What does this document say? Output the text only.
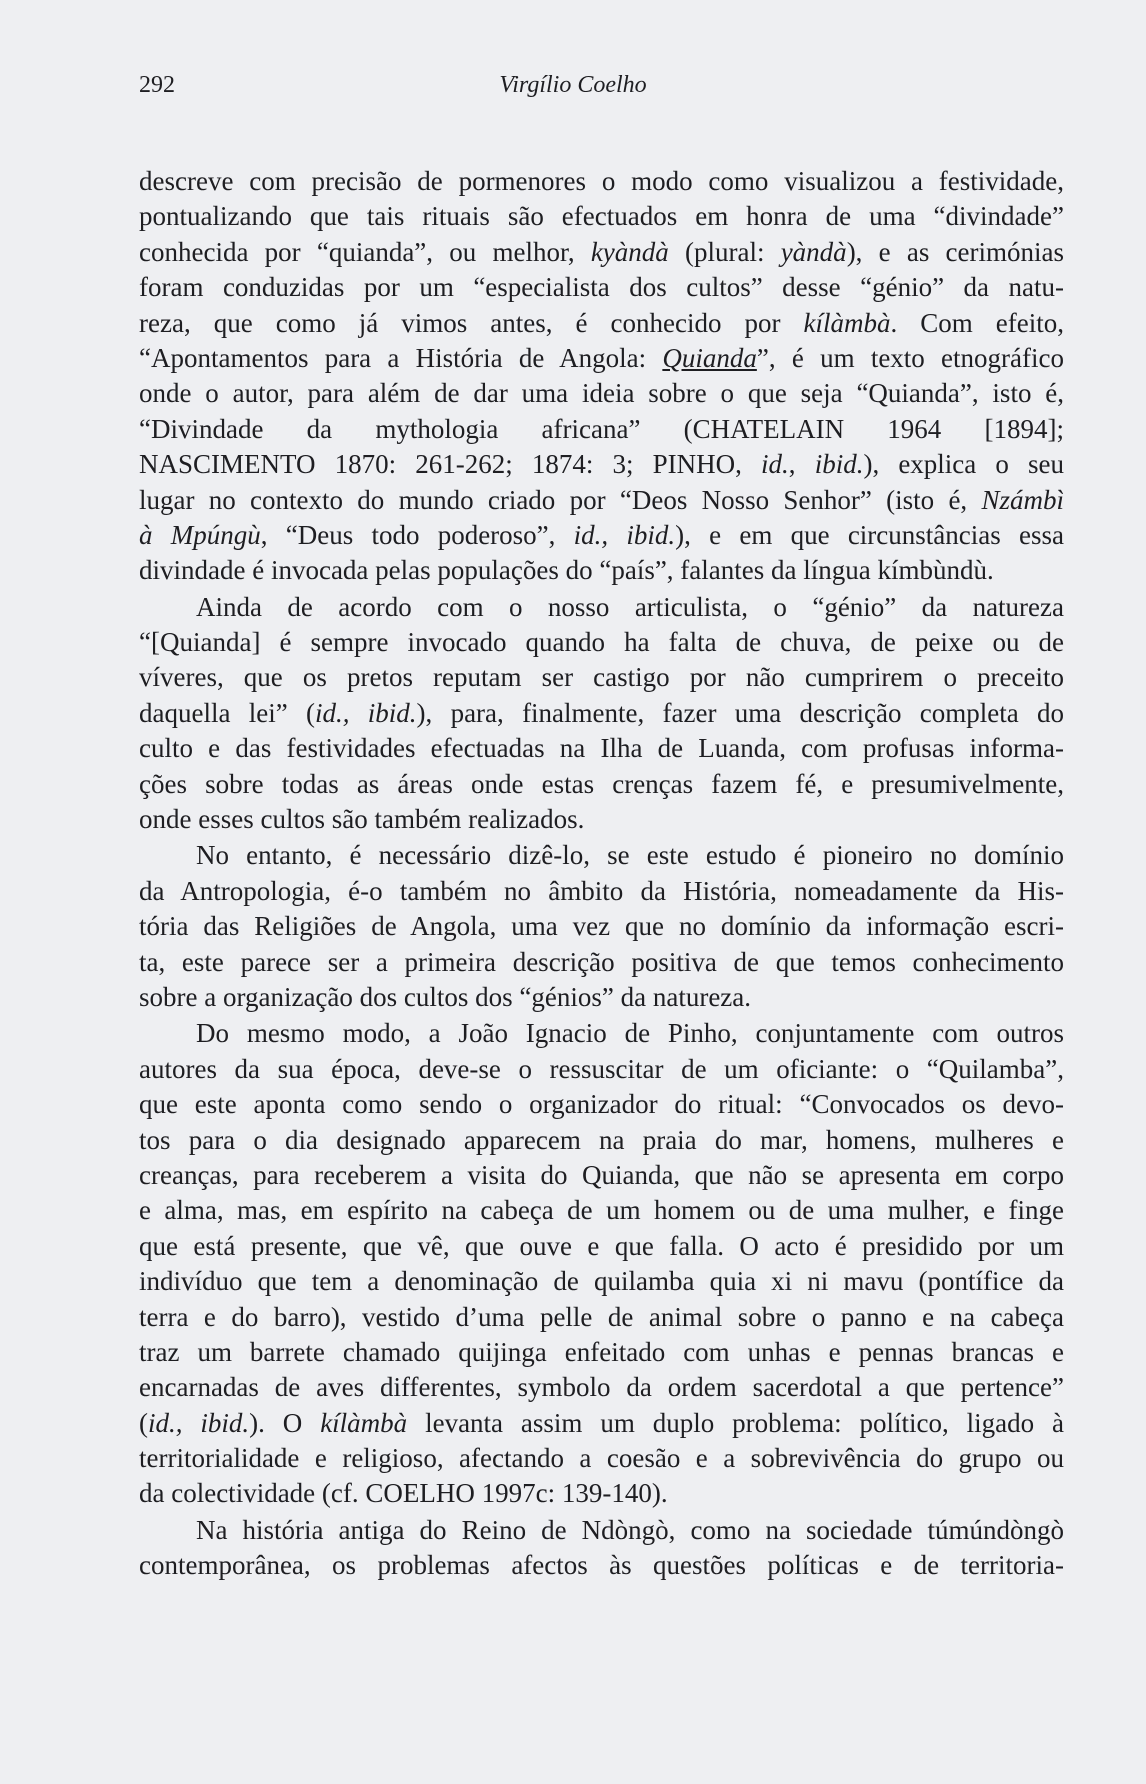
292	Virgílio Coelho
descreve com precisão de pormenores o modo como visualizou a festividade,
pontualizando que tais rituais são efectuados em honra de uma “divindade”
conhecida por “quianda”, ou melhor, kyàndà (plural: yàndà), e as cerimónias
foram conduzidas por um “especialista dos cultos” desse “génio” da natu-
reza, que como já vimos antes, é conhecido por kílàmbà. Com efeito,
“Apontamentos para a História de Angola: Quianda”, é um texto etnográfico
onde o autor, para além de dar uma ideia sobre o que seja “Quianda”, isto é,
“Divindade da mythologia africana” (CHATELAIN 1964 [1894];
NASCIMENTO 1870: 261-262; 1874: 3; PINHO, id., ibid.), explica o seu
lugar no contexto do mundo criado por “Deos Nosso Senhor” (isto é, Nzámbì
à Mpúngù, “Deus todo poderoso”, id., ibid.), e em que circunstâncias essa
divindade é invocada pelas populações do “país”, falantes da língua kímbùndù.
Ainda de acordo com o nosso articulista, o “génio” da natureza
“[Quianda] é sempre invocado quando ha falta de chuva, de peixe ou de
víveres, que os pretos reputam ser castigo por não cumprirem o preceito
daquella lei” (id., ibid.), para, finalmente, fazer uma descrição completa do
culto e das festividades efectuadas na Ilha de Luanda, com profusas informa-
ções sobre todas as áreas onde estas crenças fazem fé, e presumivelmente,
onde esses cultos são também realizados.
No entanto, é necessário dizê-lo, se este estudo é pioneiro no domínio
da Antropologia, é-o também no âmbito da História, nomeadamente da His-
tória das Religiões de Angola, uma vez que no domínio da informação escri-
ta, este parece ser a primeira descrição positiva de que temos conhecimento
sobre a organização dos cultos dos “génios” da natureza.
Do mesmo modo, a João Ignacio de Pinho, conjuntamente com outros
autores da sua época, deve-se o ressuscitar de um oficiante: o “Quilamba”,
que este aponta como sendo o organizador do ritual: “Convocados os devo-
tos para o dia designado apparecem na praia do mar, homens, mulheres e
creanças, para receberem a visita do Quianda, que não se apresenta em corpo
e alma, mas, em espírito na cabeça de um homem ou de uma mulher, e finge
que está presente, que vê, que ouve e que falla. O acto é presidido por um
indivíduo que tem a denominação de quilamba quia xi ni mavu (pontífice da
terra e do barro), vestido d’uma pelle de animal sobre o panno e na cabeça
traz um barrete chamado quijinga enfeitado com unhas e pennas brancas e
encarnadas de aves differentes, symbolo da ordem sacerdotal a que pertence”
(id., ibid.). O kílàmbà levanta assim um duplo problema: político, ligado à
territorialidade e religioso, afectando a coesão e a sobrevivência do grupo ou
da colectividade (cf. COELHO 1997c: 139-140).
Na história antiga do Reino de Ndòngò, como na sociedade túmúndòngò
contemporânea, os problemas afectos às questões políticas e de territoria-
